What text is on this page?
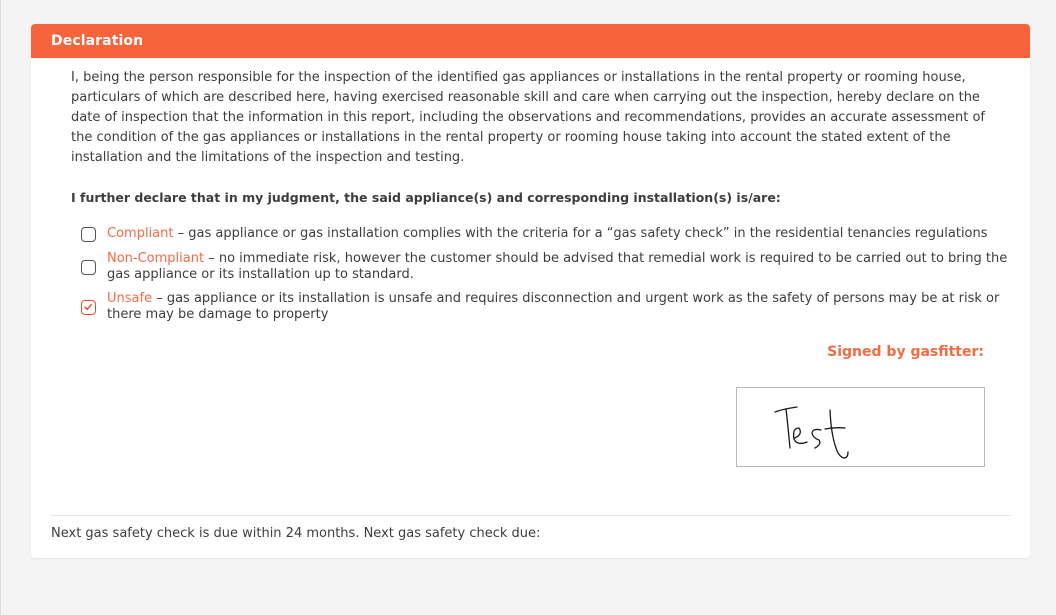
Declaration

I, being the person responsible for the inspection of the identified gas appliances or installations in the rental property or rooming house, particulars of which are described here, having exercised reasonable skill and care when carrying out the inspection, hereby declare on the date of inspection that the information in this report, including the observations and recommendations, provides an accurate assessment of the condition of the gas appliances or installations in the rental property or rooming house taking into account the stated extent of the installation and the limitations of the inspection and testing.

I further declare that in my judgment, the said appliance(s) and corresponding installation(s) is/are:

Compliant – gas appliance or gas installation complies with the criteria for a “gas safety check” in the residential tenancies regulations
Non-Compliant – no immediate risk, however the customer should be advised that remedial work is required to be carried out to bring the gas appliance or its installation up to standard.
Unsafe – gas appliance or its installation is unsafe and requires disconnection and urgent work as the safety of persons may be at risk or there may be damage to property
Signed by gasfitter:

Next gas safety check is due within 24 months. Next gas safety check due:
